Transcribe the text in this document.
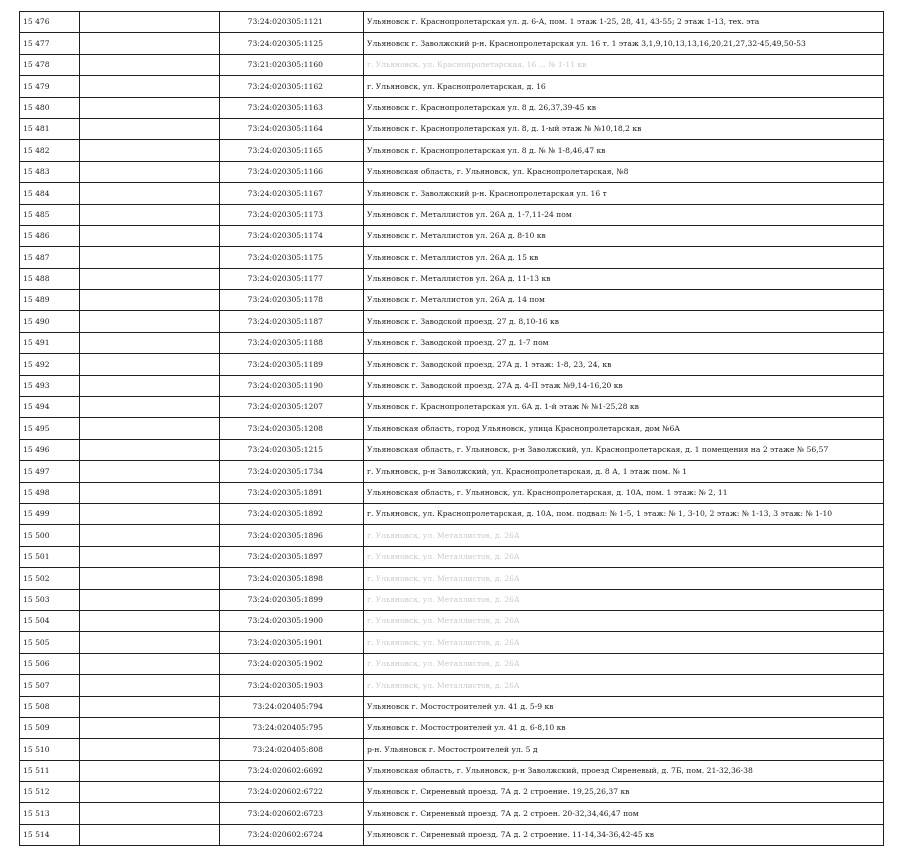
15 476		73:24:020305:1121	Ульяновск г. Краснопролетарская ул. д. 6-А, пом. 1 этаж 1-25, 28, 41, 43-55; 2 этаж 1-13, тех. эта
15 477		73:24:020305:1125	Ульяновск г. Заволжский р-н. Краснопролетарская ул. 16 т. 1 этаж 3,1,9,10,13,13,16,20,21,27,32-45,49,50-53
15 478		73:21:020305:1160	г. Ульяновск, ул. Краснопролетарская, 16 ... № 1-11 кв
15 479		73:24:020305:1162	г. Ульяновск, ул. Краснопролетарская, д. 16
15 480		73:24:020305:1163	Ульяновск г. Краснопролетарская ул. 8 д. 26,37,39-45 кв
15 481		73:24:020305:1164	Ульяновск г. Краснопролетарская ул. 8, д. 1-ый этаж № №10,18,2 кв
15 482		73:24:020305:1165	Ульяновск г. Краснопролетарская ул. 8 д. № № 1-8,46,47 кв
15 483		73:24:020305:1166	Ульяновская область, г. Ульяновск, ул. Краснопролетарская, №8
15 484		73:24:020305:1167	Ульяновск г. Заволжский р-н. Краснопролетарская ул. 16 т
15 485		73:24:020305:1173	Ульяновск г. Металлистов ул. 26А д. 1-7,11-24 пом
15 486		73:24:020305:1174	Ульяновск г. Металлистов ул. 26А д. 8-10 кв
15 487		73:24:020305:1175	Ульяновск г. Металлистов ул. 26А д. 15 кв
15 488		73:24:020305:1177	Ульяновск г. Металлистов ул. 26А д. 11-13 кв
15 489		73:24:020305:1178	Ульяновск г. Металлистов ул. 26А д. 14 пом
15 490		73:24:020305:1187	Ульяновск г. Заводской проезд. 27 д. 8,10-16 кв
15 491		73:24:020305:1188	Ульяновск г. Заводской проезд. 27 д. 1-7 пом
15 492		73:24:020305:1189	Ульяновск г. Заводской проезд. 27А д. 1 этаж: 1-8, 23, 24, кв
15 493		73:24:020305:1190	Ульяновск г. Заводской проезд. 27А д. 4-П этаж №9,14-16,20 кв
15 494		73:24:020305:1207	Ульяновск г. Краснопролетарская ул. 6А д. 1-й этаж № №1-25,28 кв
15 495		73:24:020305:1208	Ульяновская область, город Ульяновск, улица Краснопролетарская, дом №6А
15 496		73:24:020305:1215	Ульяновская область, г. Ульяновск, р-н Заволжский, ул. Краснопролетарская, д. 1 помещения на 2 этаже № 56,57
15 497		73:24:020305:1734	г. Ульяновск, р-н Заволжский, ул. Краснопролетарская, д. 8 А, 1 этаж пом. № 1
15 498		73:24:020305:1891	Ульяновская область, г. Ульяновск, ул. Краснопролетарская, д. 10А, пом. 1 этаж: № 2, 11
15 499		73:24:020305:1892	г. Ульяновск, ул. Краснопролетарская, д. 10А, пом. подвал: № 1-5, 1 этаж: № 1, 3-10, 2 этаж: № 1-13, 3 этаж: № 1-10
15 500		73:24:020305:1896	г. Ульяновск, ул. Металлистов, д. 26А
15 501		73:24:020305:1897	г. Ульяновск, ул. Металлистов, д. 26А
15 502		73:24:020305:1898	г. Ульяновск, ул. Металлистов, д. 26А
15 503		73:24:020305:1899	г. Ульяновск, ул. Металлистов, д. 26А
15 504		73:24:020305:1900	г. Ульяновск, ул. Металлистов, д. 26А
15 505		73:24:020305:1901	г. Ульяновск, ул. Металлистов, д. 26А
15 506		73:24:020305:1902	г. Ульяновск, ул. Металлистов, д. 26А
15 507		73:24:020305:1903	г. Ульяновск, ул. Металлистов, д. 26А
15 508		73:24:020405:794	Ульяновск г. Мостостроителей ул. 41 д. 5-9 кв
15 509		73:24:020405:795	Ульяновск г. Мостостроителей ул. 41 д. 6-8,10 кв
15 510		73:24:020405:808	р-н. Ульяновск г. Мостостроителей ул. 5 д
15 511		73:24:020602:6692	Ульяновская область, г. Ульяновск, р-н Заволжский, проезд Сиреневый, д. 7Б, пом. 21-32,36-38
15 512		73:24:020602:6722	Ульяновск г. Сиреневый проезд. 7А д. 2 строение. 19,25,26,37 кв
15 513		73:24:020602:6723	Ульяновск г. Сиреневый проезд. 7А д. 2 строен. 20-32,34,46,47 пом
15 514		73:24:020602:6724	Ульяновск г. Сиреневый проезд. 7А д. 2 строение. 11-14,34-36,42-45 кв
